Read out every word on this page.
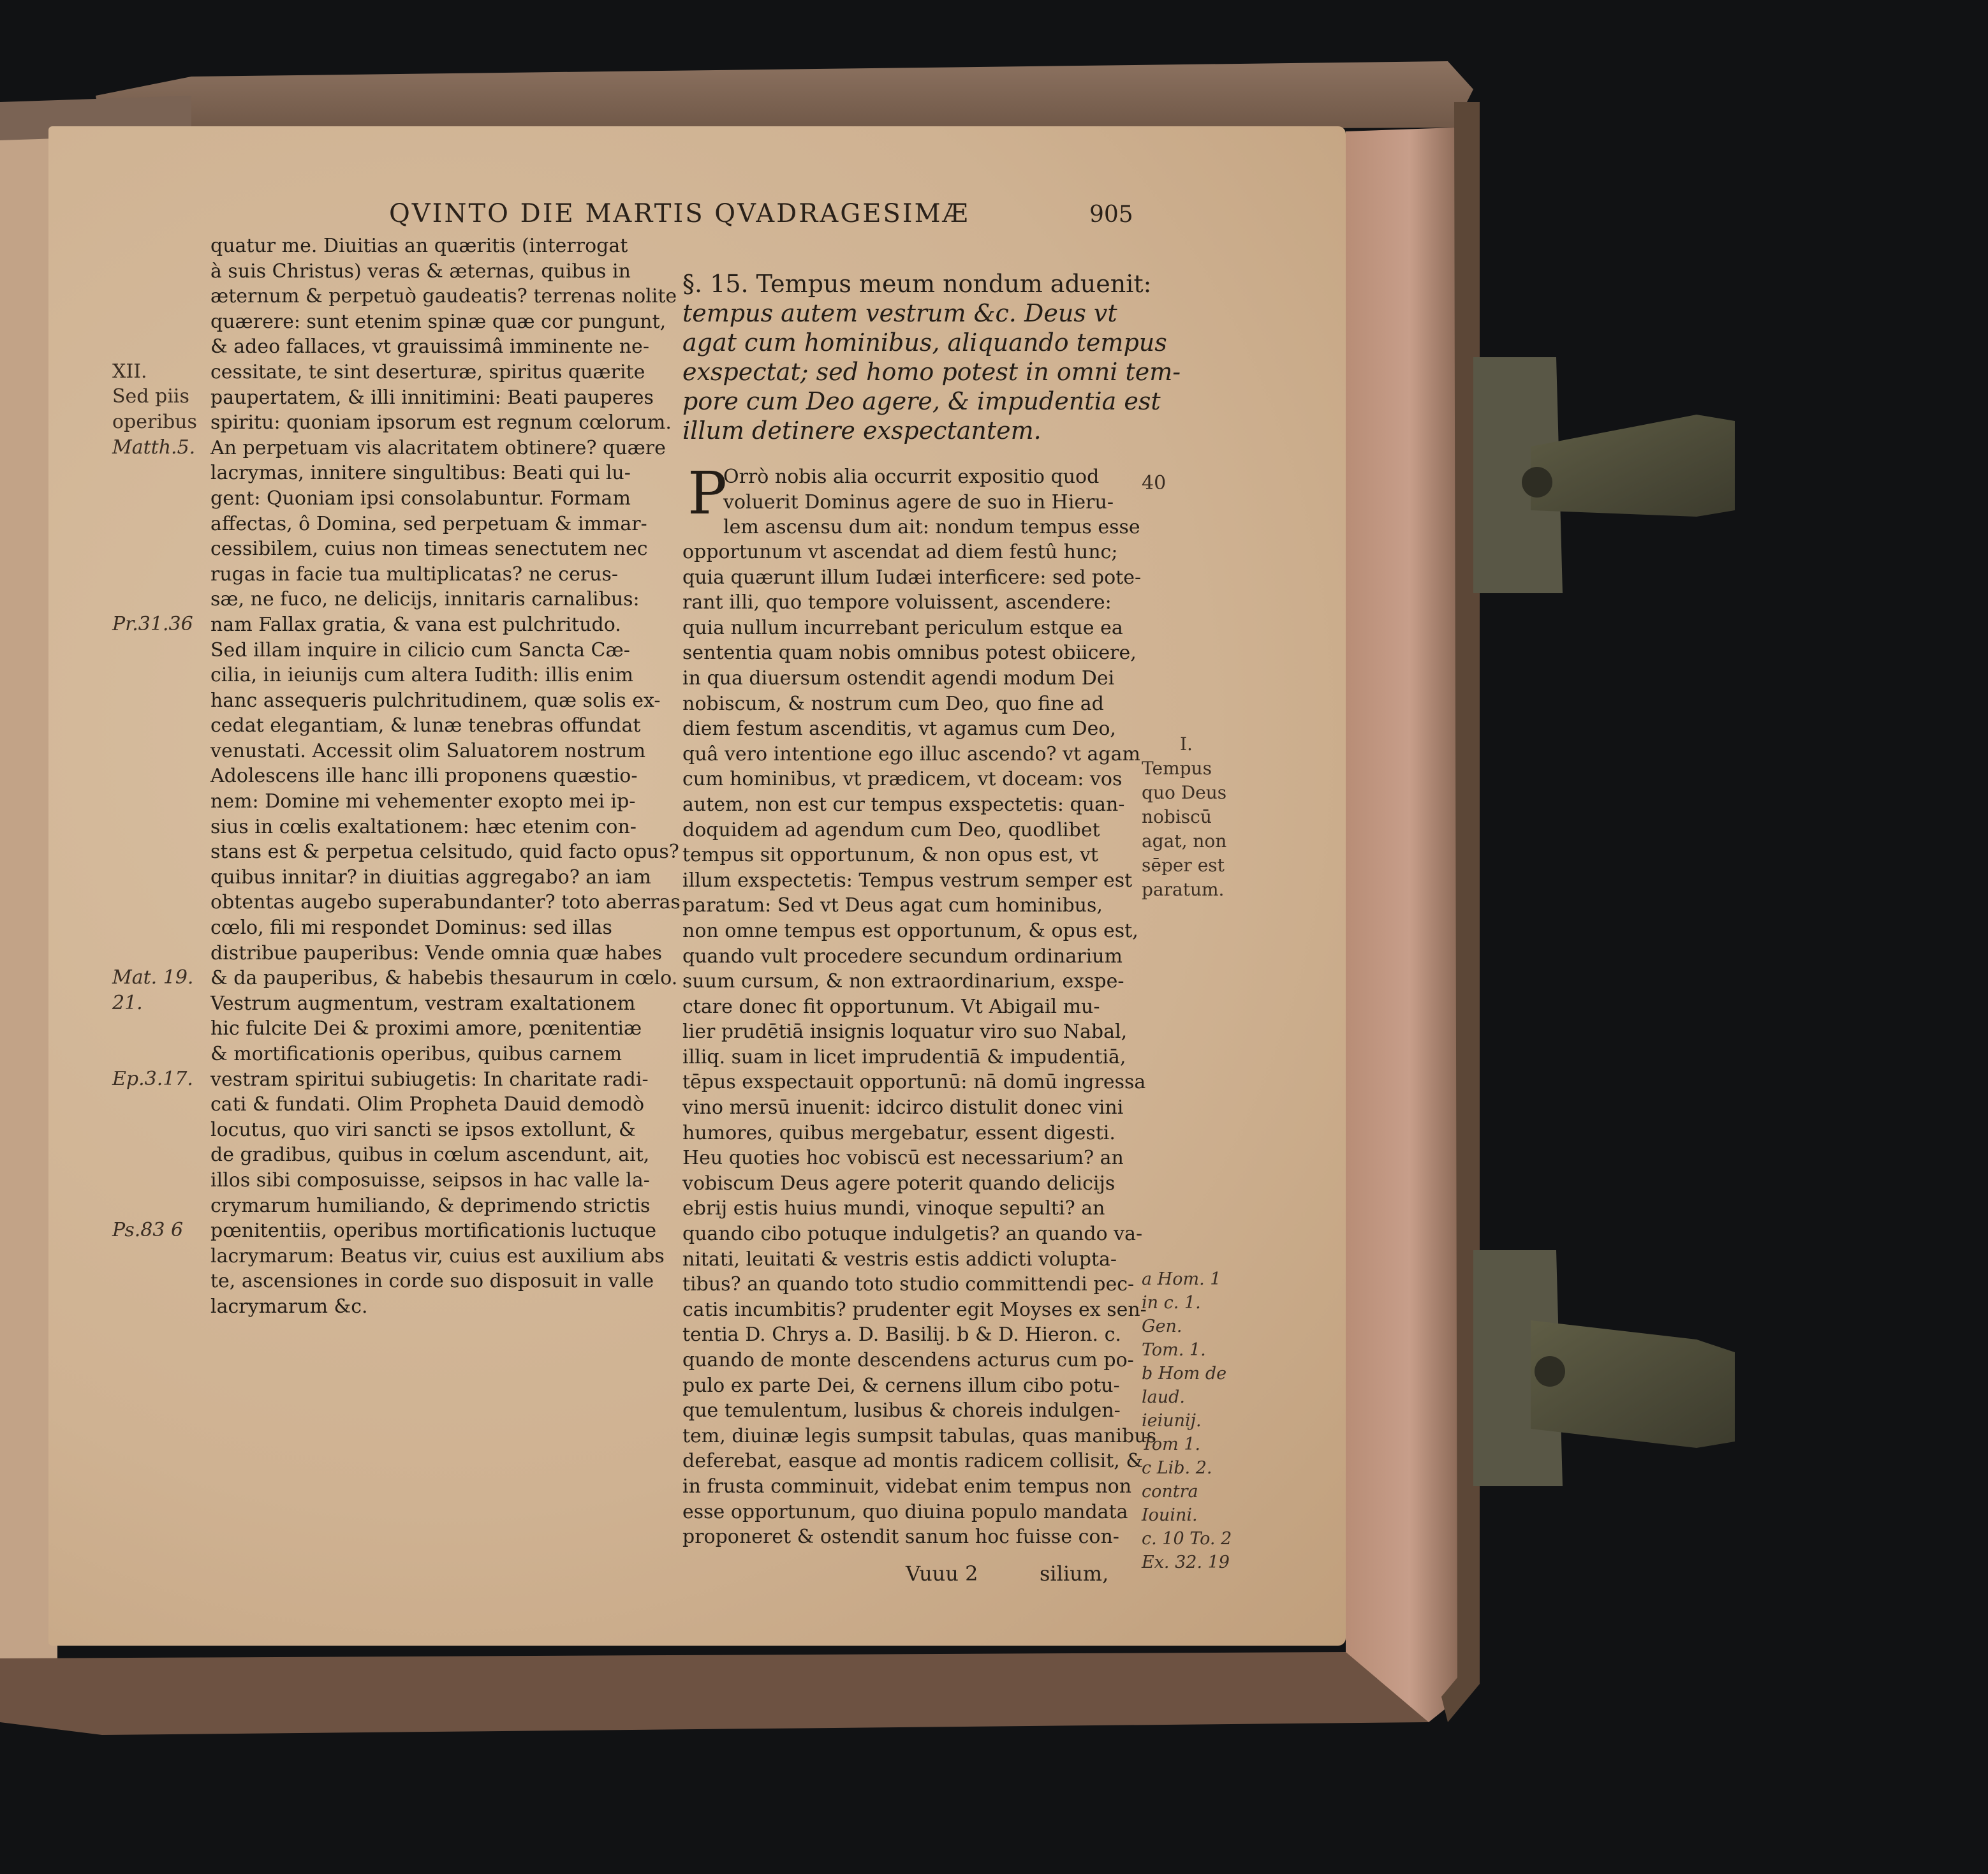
QVINTO DIE MARTIS QVADRAGESIMÆ	905

quatur me. Diuitias an quæritis (interrogat

à suis Christus) veras & æternas, quibus in

æternum & perpetuò gaudeatis? terrenas nolite

quærere: sunt etenim spinæ quæ cor pungunt,

& adeo fallaces, vt grauissimâ imminente ne-

cessitate, te sint deserturæ, spiritus quærite

paupertatem, & illi innitimini: Beati pauperes

spiritu: quoniam ipsorum est regnum cœlorum.

An perpetuam vis alacritatem obtinere? quære

lacrymas, innitere singultibus: Beati qui lu-

gent: Quoniam ipsi consolabuntur. Formam

affectas, ô Domina, sed perpetuam & immar-

cessibilem, cuius non timeas senectutem nec

rugas in facie tua multiplicatas? ne cerus-

sæ, ne fuco, ne delicijs, innitaris carnalibus:

nam Fallax gratia, & vana est pulchritudo.

Sed illam inquire in cilicio cum Sancta Cæ-

cilia, in ieiunijs cum altera Iudith: illis enim

hanc assequeris pulchritudinem, quæ solis ex-

cedat elegantiam, & lunæ tenebras offundat

venustati. Accessit olim Saluatorem nostrum

Adolescens ille hanc illi proponens quæstio-

nem: Domine mi vehementer exopto mei ip-

sius in cœlis exaltationem: hæc etenim con-

stans est & perpetua celsitudo, quid facto opus?

quibus innitar? in diuitias aggregabo? an iam

obtentas augebo superabundanter? toto aberras

cœlo, fili mi respondet Dominus: sed illas

distribue pauperibus: Vende omnia quæ habes

& da pauperibus, & habebis thesaurum in cœlo.

Vestrum augmentum, vestram exaltationem

hic fulcite Dei & proximi amore, pœnitentiæ

& mortificationis operibus, quibus carnem

vestram spiritui subiugetis: In charitate radi-

cati & fundati. Olim Propheta Dauid demodò

locutus, quo viri sancti se ipsos extollunt, &

de gradibus, quibus in cœlum ascendunt, ait,

illos sibi composuisse, seipsos in hac valle la-

crymarum humiliando, & deprimendo strictis

pœnitentiis, operibus mortificationis luctuque

lacrymarum: Beatus vir, cuius est auxilium abs

te, ascensiones in corde suo disposuit in valle

lacrymarum &c.

XII.
Sed piis
operibus
Matth.5.
Pr.31.36
Mat. 19.
21.
Ep.3.17.
Ps.83 6

§. 15. Tempus meum nondum aduenit:

tempus autem vestrum &c. Deus vt

agat cum hominibus, aliquando tempus

exspectat; sed homo potest in omni tem-

pore cum Deo agere, & impudentia est

illum detinere exspectantem.

P

Orrò nobis alia occurrit expositio quod

voluerit Dominus agere de suo in Hieru-

lem ascensu dum ait: nondum tempus esse

opportunum vt ascendat ad diem festû hunc;

quia quærunt illum Iudæi interficere: sed pote-

rant illi, quo tempore voluissent, ascendere:

quia nullum incurrebant periculum estque ea

sententia quam nobis omnibus potest obiicere,

in qua diuersum ostendit agendi modum Dei

nobiscum, & nostrum cum Deo, quo fine ad

diem festum ascenditis, vt agamus cum Deo,

quâ vero intentione ego illuc ascendo? vt agam

cum hominibus, vt prædicem, vt doceam: vos

autem, non est cur tempus exspectetis: quan-

doquidem ad agendum cum Deo, quodlibet

tempus sit opportunum, & non opus est, vt

illum exspectetis: Tempus vestrum semper est

paratum: Sed vt Deus agat cum hominibus,

non omne tempus est opportunum, & opus est,

quando vult procedere secundum ordinarium

suum cursum, & non extraordinarium, exspe-

ctare donec fit opportunum. Vt Abigail mu-

lier prudētiā insignis loquatur viro suo Nabal,

illiq. suam in licet imprudentiā & impudentiā,

tēpus exspectauit opportunū: nā domū ingressa

vino mersū inuenit: idcirco distulit donec vini

humores, quibus mergebatur, essent digesti.

Heu quoties hoc vobiscū est necessarium? an

vobiscum Deus agere poterit quando delicijs

ebrij estis huius mundi, vinoque sepulti? an

quando cibo potuque indulgetis? an quando va-

nitati, leuitati & vestris estis addicti volupta-

tibus? an quando toto studio committendi pec-

catis incumbitis? prudenter egit Moyses ex sen-

tentia D. Chrys a. D. Basilij. b & D. Hieron. c.

quando de monte descendens acturus cum po-

pulo ex parte Dei, & cernens illum cibo potu-

que temulentum, lusibus & choreis indulgen-

tem, diuinæ legis sumpsit tabulas, quas manibus

deferebat, easque ad montis radicem collisit, &

in frusta comminuit, videbat enim tempus non

esse opportunum, quo diuina populo mandata

proponeret & ostendit sanum hoc fuisse con-

40
I.
Tempus
quo Deus
nobiscū
agat, non
sēper est
paratum.
a Hom. 1
in c. 1.
Gen.
Tom. 1.
b Hom de
laud.
ieiunij.
Tom 1.
c Lib. 2.
contra
Iouini.
c. 10 To. 2
Ex. 32. 19
Vuuu 2	silium,
